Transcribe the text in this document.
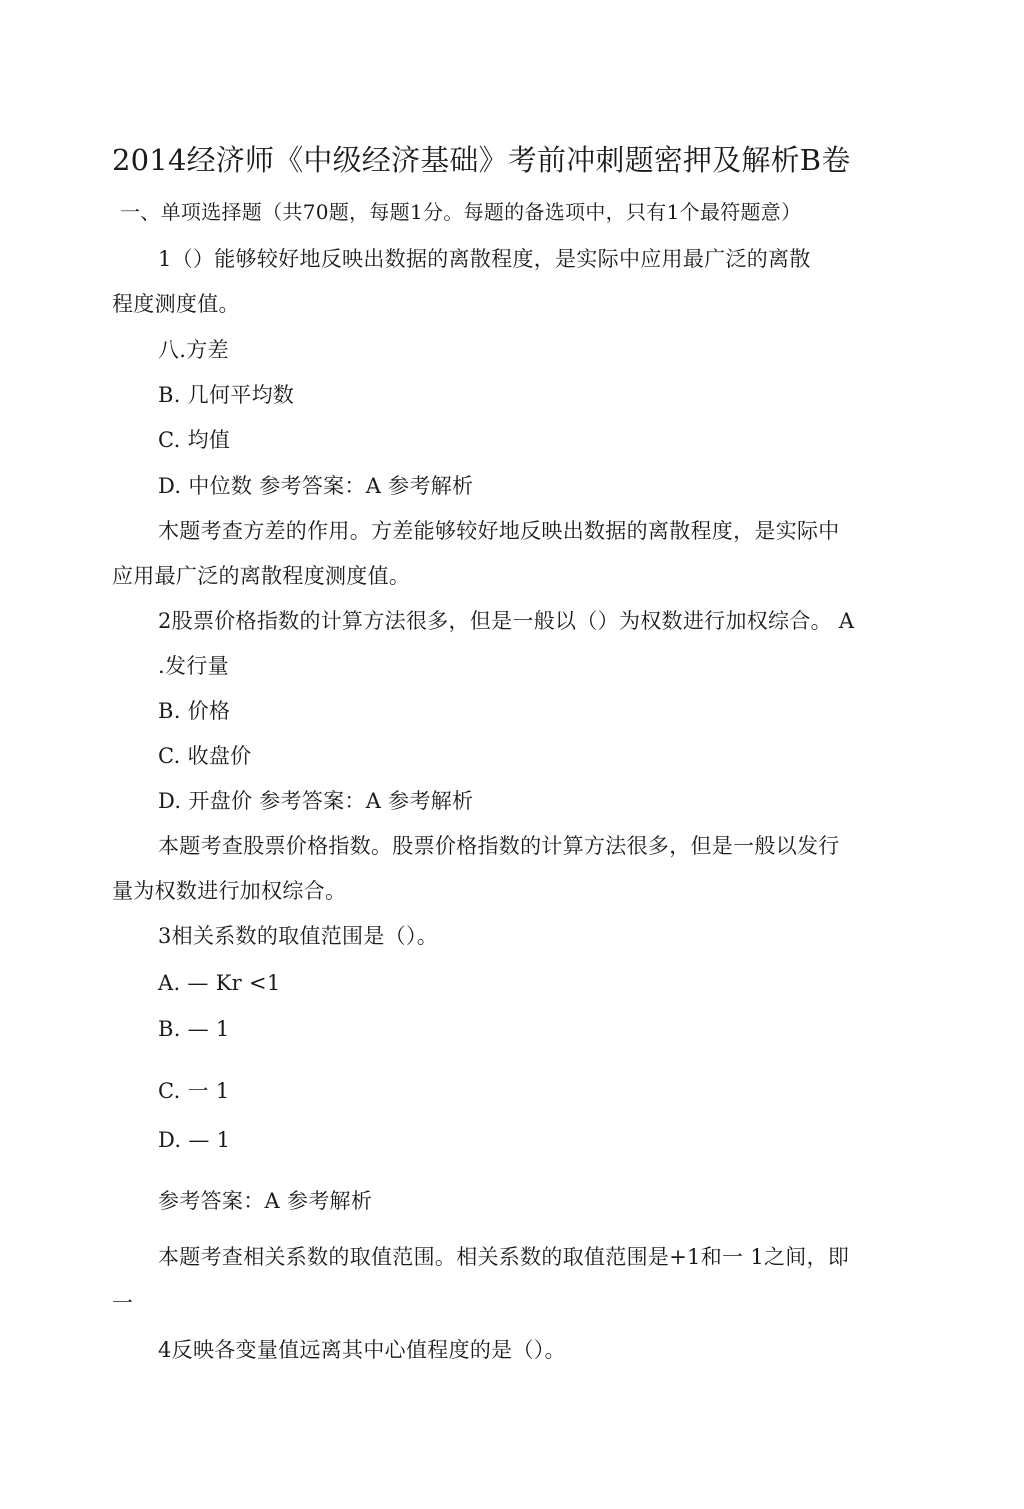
2014经济师《中级经济基础》考前冲刺题密押及解析B卷
一、单项选择题（共70题，每题1分。每题的备选项中，只有1个最符题意）
1（）能够较好地反映出数据的离散程度，是实际中应用最广泛的离散
程度测度值。
八.方差
B. 几何平均数
C. 均值
D. 中位数 参考答案：A 参考解析
木题考查方差的作用。方差能够较好地反映出数据的离散程度，是实际中
应用最广泛的离散程度测度值。
2股票价格指数的计算方法很多，但是一般以（）为权数进行加权综合。 A
.发行量
B. 价格
C. 收盘价
D. 开盘价 参考答案：A 参考解析
本题考查股票价格指数。股票价格指数的计算方法很多，但是一般以发行
量为权数进行加权综合。
3相关系数的取值范围是（）。
A. — Kr <1
B. — 1
C. 一 1
D. — 1
参考答案：A 参考解析
本题考查相关系数的取值范围。相关系数的取值范围是+1和一 1之间，即
一
4反映各变量值远离其中心值程度的是（）。
